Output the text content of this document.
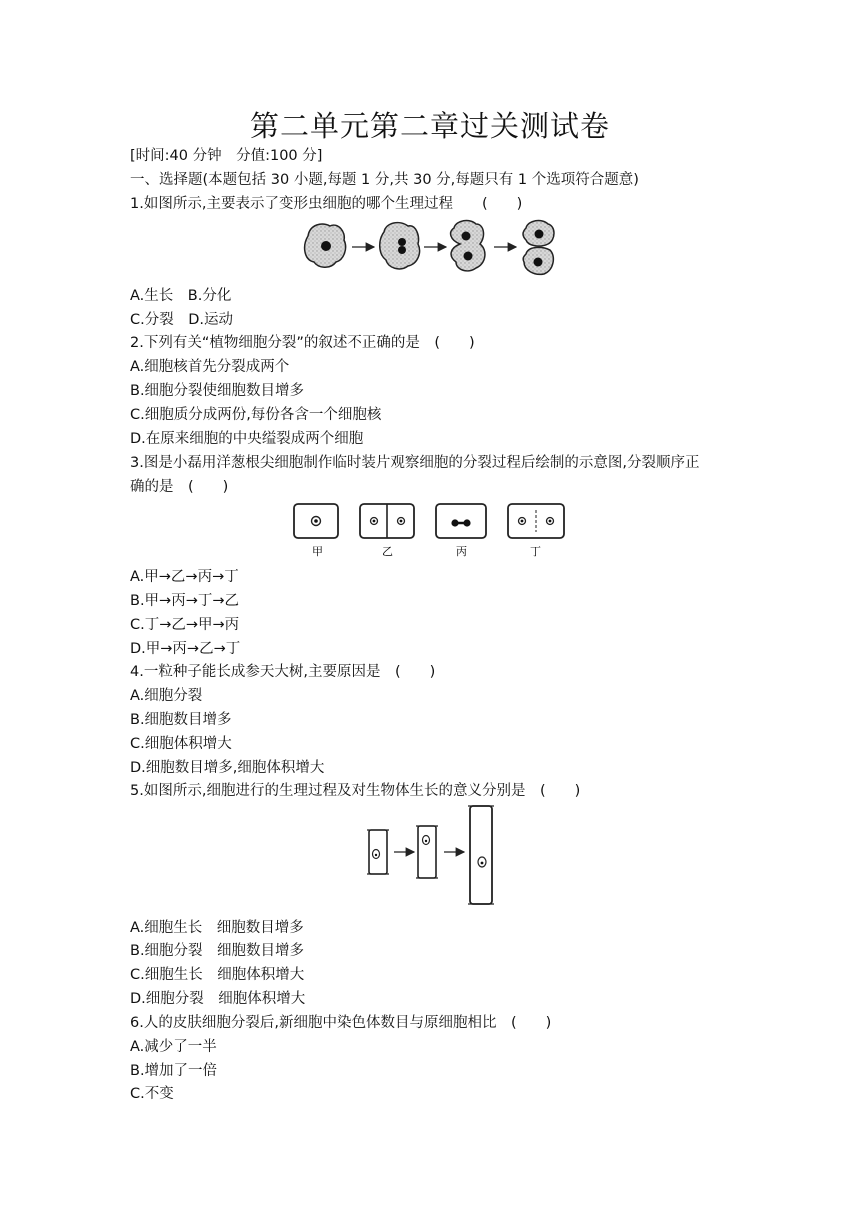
第二单元第二章过关测试卷
[时间:40 分钟　分值:100 分]
一、选择题(本题包括 30 小题,每题 1 分,共 30 分,每题只有 1 个选项符合题意)
1.如图所示,主要表示了变形虫细胞的哪个生理过程　　(　　)
A.生长　B.分化
C.分裂　D.运动
2.下列有关“植物细胞分裂”的叙述不正确的是　(　　)
A.细胞核首先分裂成两个
B.细胞分裂使细胞数目增多
C.细胞质分成两份,每份各含一个细胞核
D.在原来细胞的中央缢裂成两个细胞
3.图是小磊用洋葱根尖细胞制作临时装片观察细胞的分裂过程后绘制的示意图,分裂顺序正
确的是　(　　)
甲	乙	丙	丁
A.甲→乙→丙→丁
B.甲→丙→丁→乙
C.丁→乙→甲→丙
D.甲→丙→乙→丁
4.一粒种子能长成参天大树,主要原因是　(　　)
A.细胞分裂
B.细胞数目增多
C.细胞体积增大
D.细胞数目增多,细胞体积增大
5.如图所示,细胞进行的生理过程及对生物体生长的意义分别是　(　　)
A.细胞生长　细胞数目增多
B.细胞分裂　细胞数目增多
C.细胞生长　细胞体积增大
D.细胞分裂　细胞体积增大
6.人的皮肤细胞分裂后,新细胞中染色体数目与原细胞相比　(　　)
A.减少了一半
B.增加了一倍
C.不变
